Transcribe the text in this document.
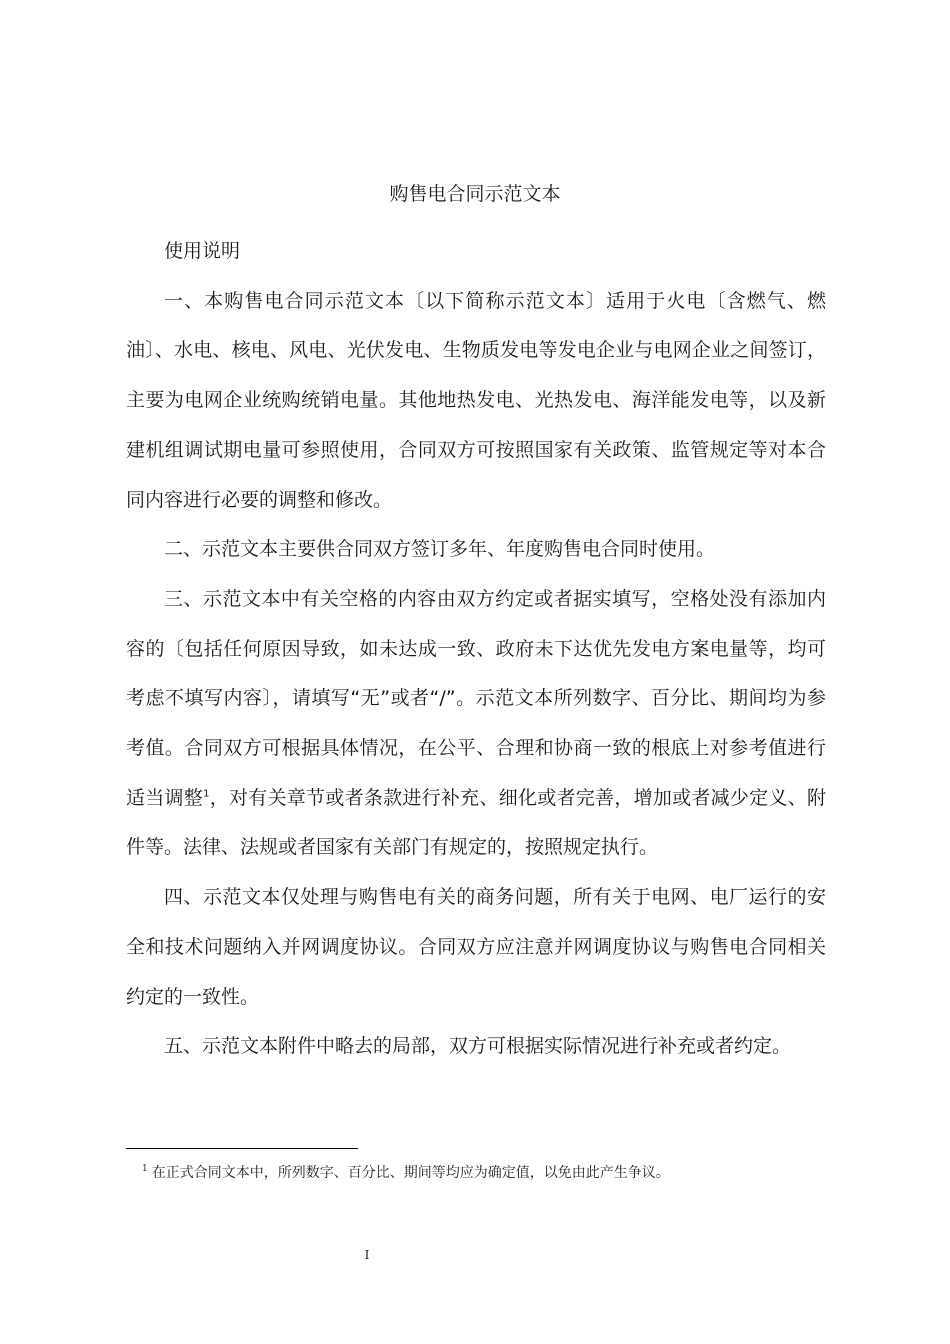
购售电合同示范文本

使用说明

一、本购售电合同示范文本〔以下简称示范文本〕适用于火电〔含燃气、燃油〕、水电、核电、风电、光伏发电、生物质发电等发电企业与电网企业之间签订，主要为电网企业统购统销电量。其他地热发电、光热发电、海洋能发电等，以及新建机组调试期电量可参照使用，合同双方可按照国家有关政策、监管规定等对本合同内容进行必要的调整和修改。

二、示范文本主要供合同双方签订多年、年度购售电合同时使用。

三、示范文本中有关空格的内容由双方约定或者据实填写，空格处没有添加内容的〔包括任何原因导致，如未达成一致、政府未下达优先发电方案电量等，均可考虑不填写内容〕，请填写“无”或者“/”。示范文本所列数字、百分比、期间均为参考值。合同双方可根据具体情况，在公平、合理和协商一致的根底上对参考值进行适当调整$^1$，对有关章节或者条款进行补充、细化或者完善，增加或者减少定义、附件等。法律、法规或者国家有关部门有规定的，按照规定执行。

四、示范文本仅处理与购售电有关的商务问题，所有关于电网、电厂运行的安全和技术问题纳入并网调度协议。合同双方应注意并网调度协议与购售电合同相关约定的一致性。

五、示范文本附件中略去的局部，双方可根据实际情况进行补充或者约定。

$^1$ 在正式合同文本中，所列数字、百分比、期间等均应为确定值，以免由此产生争议。
I
